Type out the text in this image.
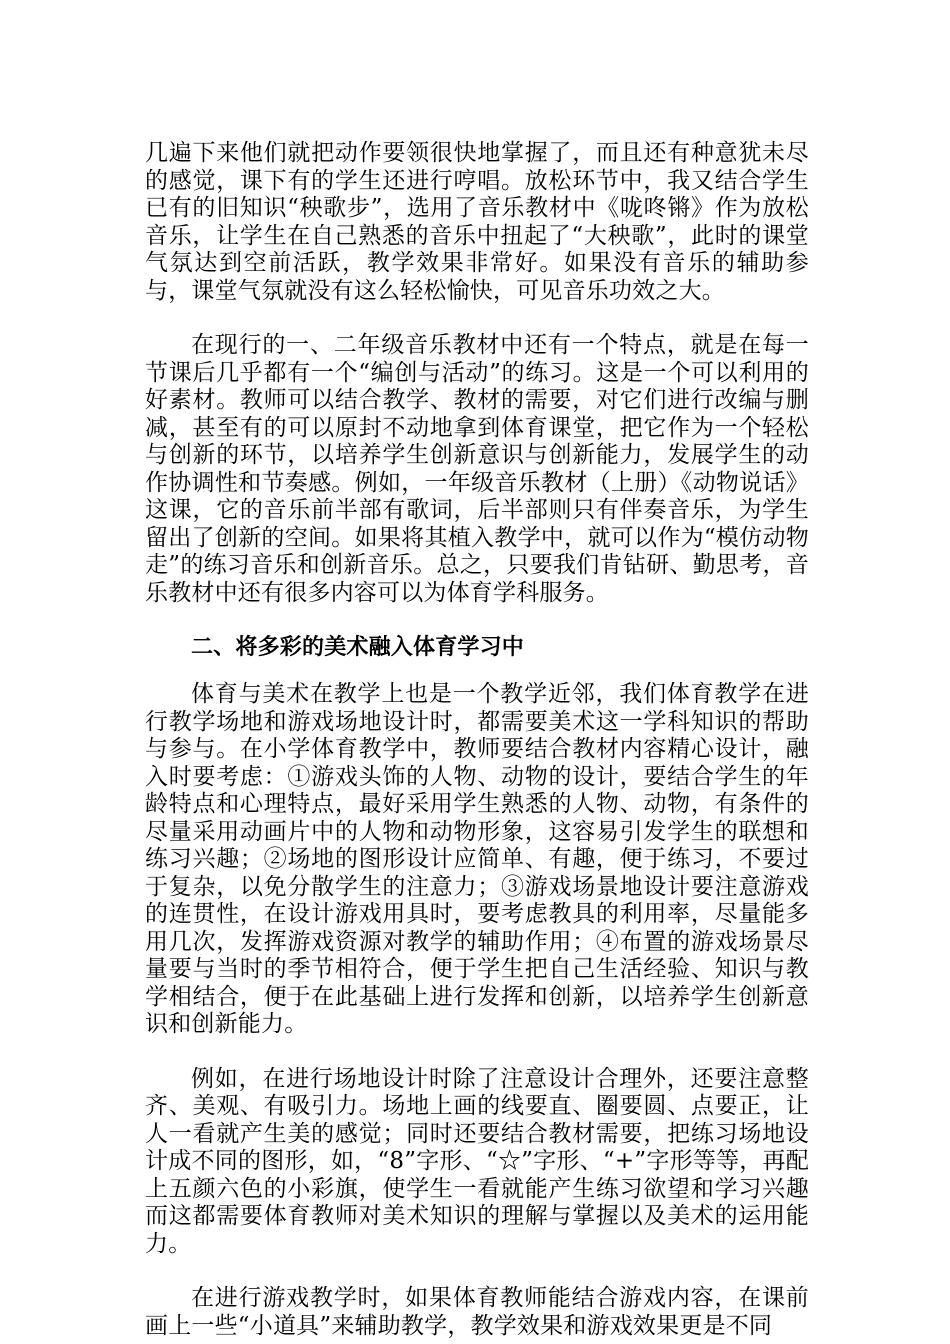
几遍下来他们就把动作要领很快地掌握了，而且还有种意犹未尽的感觉，课下有的学生还进行哼唱。放松环节中，我又结合学生已有的旧知识“秧歌步”，选用了音乐教材中《咙咚锵》作为放松音乐，让学生在自己熟悉的音乐中扭起了“大秧歌”，此时的课堂气氛达到空前活跃，教学效果非常好。如果没有音乐的辅助参与，课堂气氛就没有这么轻松愉快，可见音乐功效之大。

在现行的一、二年级音乐教材中还有一个特点，就是在每一节课后几乎都有一个“编创与活动”的练习。这是一个可以利用的好素材。教师可以结合教学、教材的需要，对它们进行改编与删减，甚至有的可以原封不动地拿到体育课堂，把它作为一个轻松与创新的环节，以培养学生创新意识与创新能力，发展学生的动作协调性和节奏感。例如，一年级音乐教材（上册）《动物说话》这课，它的音乐前半部有歌词，后半部则只有伴奏音乐，为学生留出了创新的空间。如果将其植入教学中，就可以作为“模仿动物走”的练习音乐和创新音乐。总之，只要我们肯钻研、勤思考，音乐教材中还有很多内容可以为体育学科服务。

二、将多彩的美术融入体育学习中

体育与美术在教学上也是一个教学近邻，我们体育教学在进行教学场地和游戏场地设计时，都需要美术这一学科知识的帮助与参与。在小学体育教学中，教师要结合教材内容精心设计，融入时要考虑：①游戏头饰的人物、动物的设计，要结合学生的年龄特点和心理特点，最好采用学生熟悉的人物、动物，有条件的尽量采用动画片中的人物和动物形象，这容易引发学生的联想和练习兴趣；②场地的图形设计应简单、有趣，便于练习，不要过于复杂，以免分散学生的注意力；③游戏场景地设计要注意游戏的连贯性，在设计游戏用具时，要考虑教具的利用率，尽量能多用几次，发挥游戏资源对教学的辅助作用；④布置的游戏场景尽量要与当时的季节相符合，便于学生把自己生活经验、知识与教学相结合，便于在此基础上进行发挥和创新，以培养学生创新意识和创新能力。

例如，在进行场地设计时除了注意设计合理外，还要注意整齐、美观、有吸引力。场地上画的线要直、圈要圆、点要正，让人一看就产生美的感觉；同时还要结合教材需要，把练习场地设计成不同的图形，如，“8”字形、“☆”字形、“+”字形等等，再配上五颜六色的小彩旗，使学生一看就能产生练习欲望和学习兴趣而这都需要体育教师对美术知识的理解与掌握以及美术的运用能力。

在进行游戏教学时，如果体育教师能结合游戏内容，在课前画上一些“小道具”来辅助教学，教学效果和游戏效果更是不同
